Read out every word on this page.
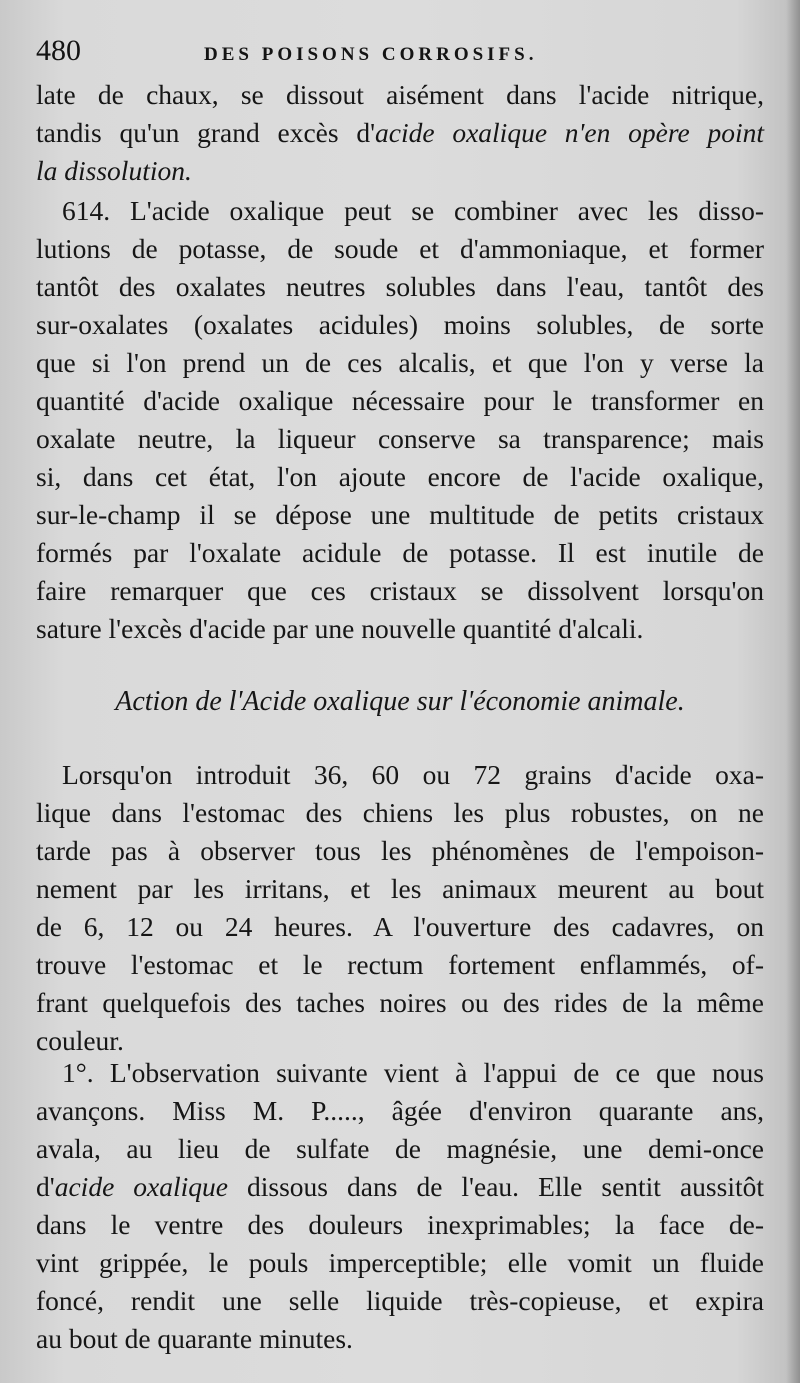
480	DES POISONS CORROSIFS.
late de chaux, se dissout aisément dans l'acide nitrique,
tandis qu'un grand excès d'acide oxalique n'en opère point
la dissolution.
614. L'acide oxalique peut se combiner avec les disso-
lutions de potasse, de soude et d'ammoniaque, et former
tantôt des oxalates neutres solubles dans l'eau, tantôt des
sur-oxalates (oxalates acidules) moins solubles, de sorte
que si l'on prend un de ces alcalis, et que l'on y verse la
quantité d'acide oxalique nécessaire pour le transformer en
oxalate neutre, la liqueur conserve sa transparence; mais
si, dans cet état, l'on ajoute encore de l'acide oxalique,
sur-le-champ il se dépose une multitude de petits cristaux
formés par l'oxalate acidule de potasse. Il est inutile de
faire remarquer que ces cristaux se dissolvent lorsqu'on
sature l'excès d'acide par une nouvelle quantité d'alcali.
Action de l'Acide oxalique sur l'économie animale.
Lorsqu'on introduit 36, 60 ou 72 grains d'acide oxa-
lique dans l'estomac des chiens les plus robustes, on ne
tarde pas à observer tous les phénomènes de l'empoison-
nement par les irritans, et les animaux meurent au bout
de 6, 12 ou 24 heures. A l'ouverture des cadavres, on
trouve l'estomac et le rectum fortement enflammés, of-
frant quelquefois des taches noires ou des rides de la même
couleur.
1°. L'observation suivante vient à l'appui de ce que nous
avançons. Miss M. P....., âgée d'environ quarante ans,
avala, au lieu de sulfate de magnésie, une demi-once
d'acide oxalique dissous dans de l'eau. Elle sentit aussitôt
dans le ventre des douleurs inexprimables; la face de-
vint grippée, le pouls imperceptible; elle vomit un fluide
foncé, rendit une selle liquide très-copieuse, et expira
au bout de quarante minutes.
